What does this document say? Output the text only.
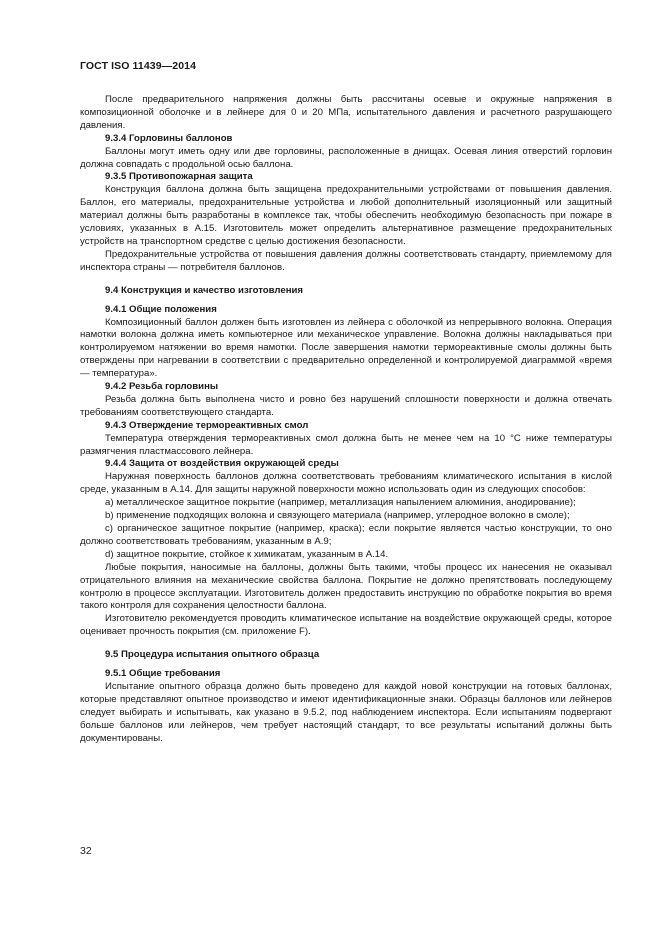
ГОСТ ISO 11439—2014

После предварительного напряжения должны быть рассчитаны осевые и окружные напряжения в композиционной оболочке и в лейнере для 0 и 20 МПа, испытательного давления и расчетного разрушающего давления.

9.3.4 Горловины баллонов

Баллоны могут иметь одну или две горловины, расположенные в днищах. Осевая линия отверстий горловин должна совпадать с продольной осью баллона.

9.3.5 Противопожарная защита

Конструкция баллона должна быть защищена предохранительными устройствами от повышения давления. Баллон, его материалы, предохранительные устройства и любой дополнительный изоляционный или защитный материал должны быть разработаны в комплексе так, чтобы обеспечить необходимую безопасность при пожаре в условиях, указанных в А.15. Изготовитель может определить альтернативное размещение предохранительных устройств на транспортном средстве с целью достижения безопасности.

Предохранительные устройства от повышения давления должны соответствовать стандарту, приемлемому для инспектора страны — потребителя баллонов.

9.4 Конструкция и качество изготовления

9.4.1 Общие положения

Композиционный баллон должен быть изготовлен из лейнера с оболочкой из непрерывного волокна. Операция намотки волокна должна иметь компьютерное или механическое управление. Волокна должны накладываться при контролируемом натяжении во время намотки. После завершения намотки термореактивные смолы должны быть отверждены при нагревании в соответствии с предварительно определенной и контролируемой диаграммой «время — температура».

9.4.2 Резьба горловины

Резьба должна быть выполнена чисто и ровно без нарушений сплошности поверхности и должна отвечать требованиям соответствующего стандарта.

9.4.3 Отверждение термореактивных смол

Температура отверждения термореактивных смол должна быть не менее чем на 10 °С ниже температуры размягчения пластмассового лейнера.

9.4.4 Защита от воздействия окружающей среды

Наружная поверхность баллонов должна соответствовать требованиям климатического испытания в кислой среде, указанным в А.14. Для защиты наружной поверхности можно использовать один из следующих способов:

а) металлическое защитное покрытие (например, металлизация напылением алюминия, анодирование);

b) применение подходящих волокна и связующего материала (например, углеродное волокно в смоле);

с) органическое защитное покрытие (например, краска); если покрытие является частью конструкции, то оно должно соответствовать требованиям, указанным в А.9;

d) защитное покрытие, стойкое к химикатам, указанным в А.14.

Любые покрытия, наносимые на баллоны, должны быть такими, чтобы процесс их нанесения не оказывал отрицательного влияния на механические свойства баллона. Покрытие не должно препятствовать последующему контролю в процессе эксплуатации. Изготовитель должен предоставить инструкцию по обработке покрытия во время такого контроля для сохранения целостности баллона.

Изготовителю рекомендуется проводить климатическое испытание на воздействие окружающей среды, которое оценивает прочность покрытия (см. приложение F).

9.5 Процедура испытания опытного образца

9.5.1 Общие требования

Испытание опытного образца должно быть проведено для каждой новой конструкции на готовых баллонах, которые представляют опытное производство и имеют идентификационные знаки. Образцы баллонов или лейнеров следует выбирать и испытывать, как указано в 9.5.2, под наблюдением инспектора. Если испытаниям подвергают больше баллонов или лейнеров, чем требует настоящий стандарт, то все результаты испытаний должны быть документированы.

32
